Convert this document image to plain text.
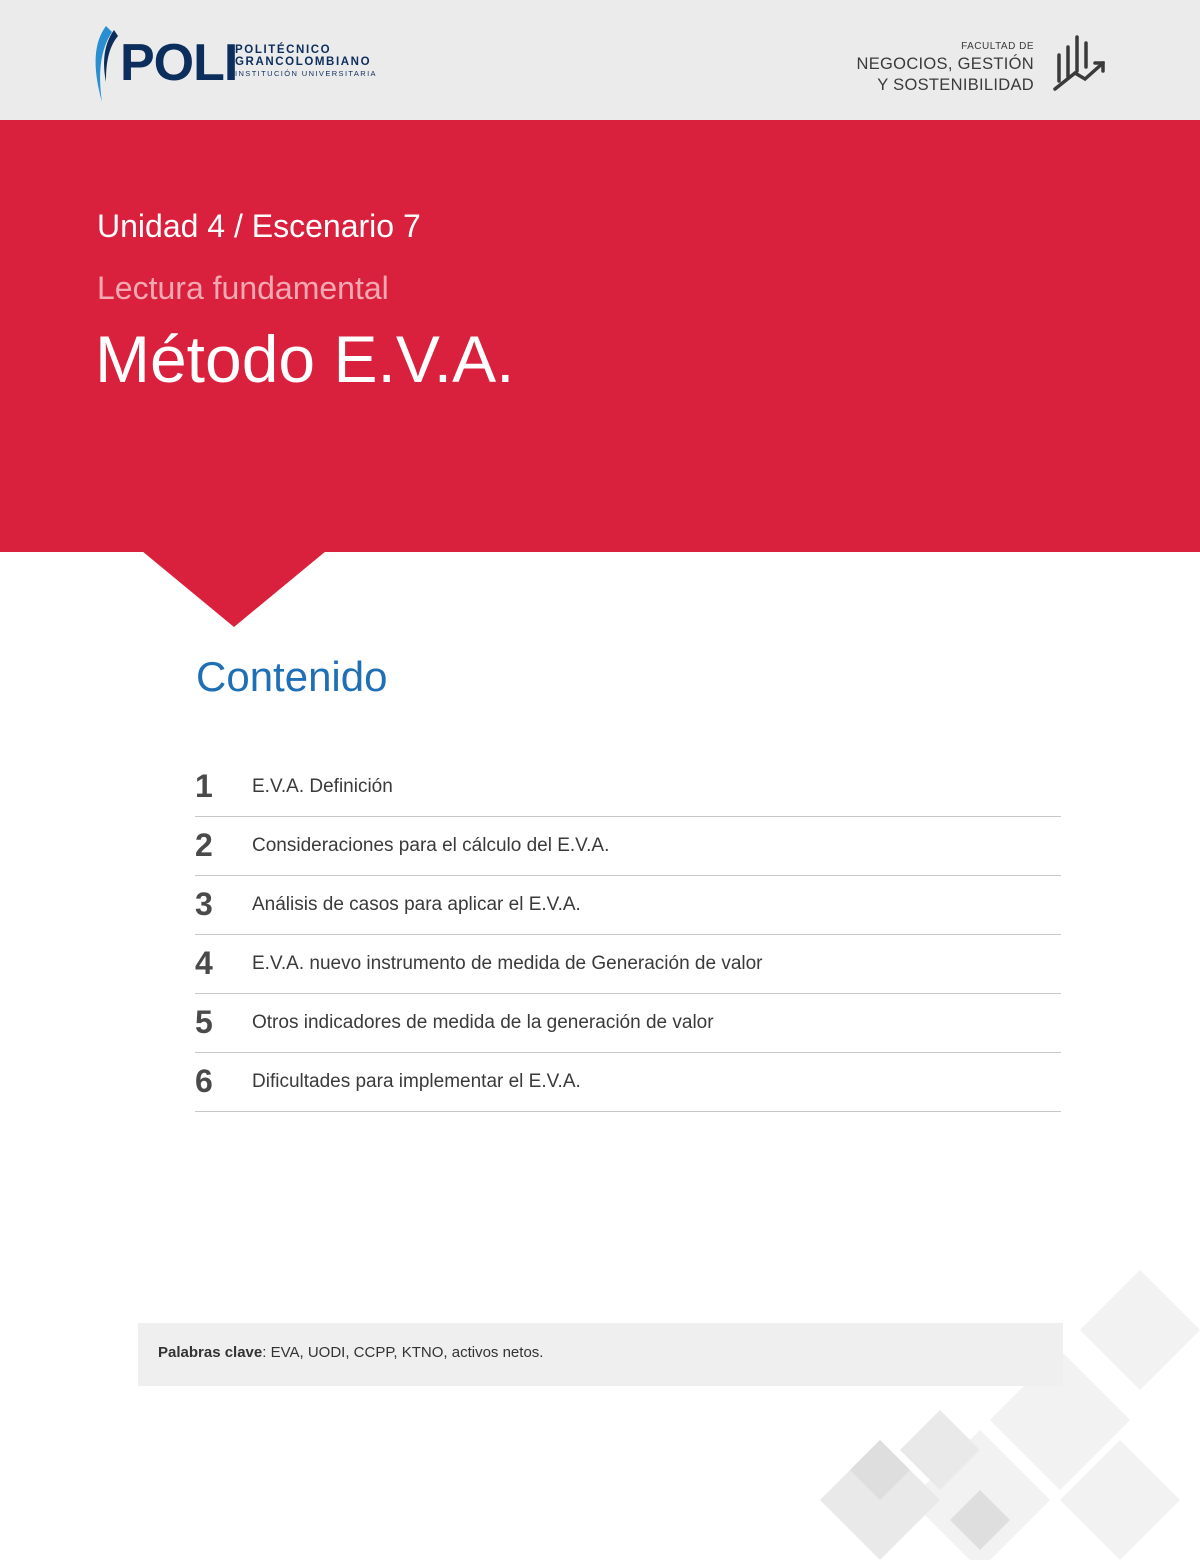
POLI
POLITÉCNICO
GRANCOLOMBIANO
INSTITUCIÓN UNIVERSITARIA
FACULTAD DE
NEGOCIOS, GESTIÓN
Y SOSTENIBILIDAD
Unidad 4 / Escenario 7
Lectura fundamental
Método E.V.A.
Contenido
1 E.V.A. Definición
2 Consideraciones para el cálculo del E.V.A.
3 Análisis de casos para aplicar el E.V.A.
4 E.V.A. nuevo instrumento de medida de Generación de valor
5 Otros indicadores de medida de la generación de valor
6 Dificultades para implementar el E.V.A.
Palabras clave: EVA, UODI, CCPP, KTNO, activos netos.
